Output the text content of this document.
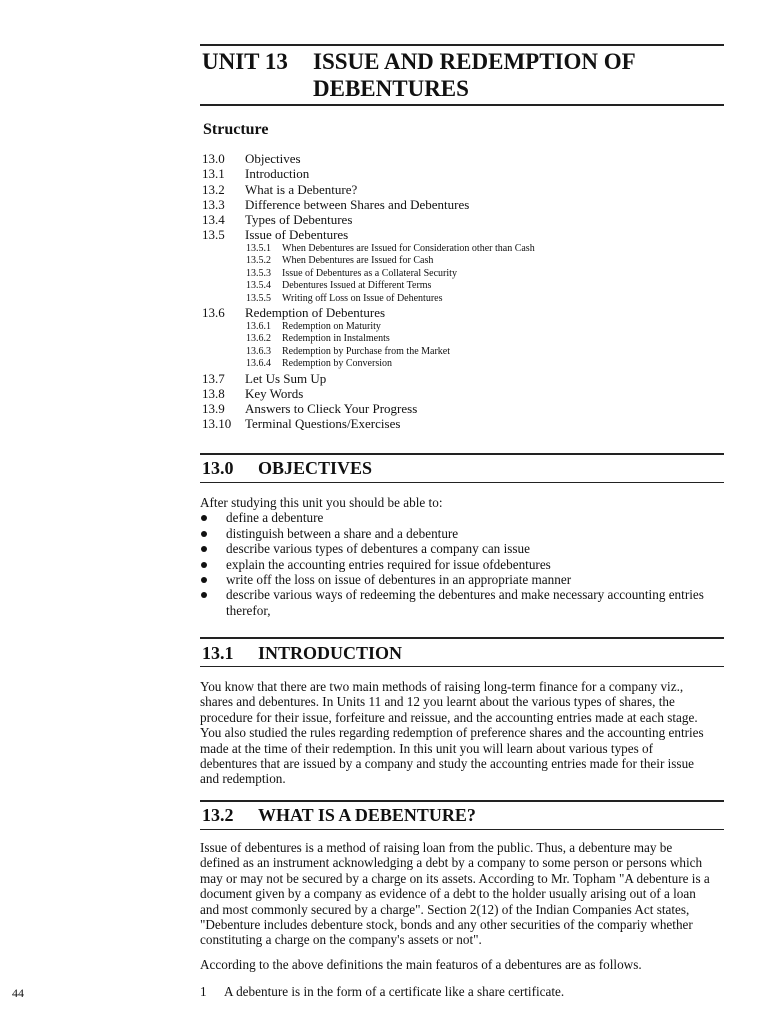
UNIT 13 ISSUE AND REDEMPTION OF
DEBENTURES
Structure
13.0	Objectives
13.1	Introduction
13.2	What is a Debenture?
13.3	Difference between Shares and Debentures
13.4	Types of Debentures
13.5	Issue of Debentures
13.5.1	When Debentures are Issued for Consideration other than Cash
13.5.2	When Debentures are Issued for Cash
13.5.3	Issue of Debentures as a Collateral Security
13.5.4	Debentures Issued at Different Terms
13.5.5	Writing off Loss on Issue of Dehentures
13.6	Redemption of Debentures
13.6.1	Redemption on Maturity
13.6.2	Redemption in Instalments
13.6.3	Redemption by Purchase from the Market
13.6.4	Redemption by Conversion
13.7	Let Us Sum Up
13.8	Key Words
13.9	Answers to Clieck Your Progress
13.10	Terminal Questions/Exercises
13.0 OBJECTIVES

After studying this unit you should be able to:

define a debenture
distinguish between a share and a debenture
describe various types of debentures a company can issue
explain the accounting entries required for issue ofdebentures
write off the loss on issue of debentures in an appropriate manner
describe various ways of redeeming the debentures and make necessary accounting entries therefor,
13.1 INTRODUCTION

You know that there are two main methods of raising long-term finance for a company viz., shares and debentures. In Units 11 and 12 you learnt about the various types of shares, the procedure for their issue, forfeiture and reissue, and the accounting entries made at each stage. You also studied the rules regarding redemption of preference shares and the accounting entries made at the time of their redemption. In this unit you will learn about various types of debentures that are issued by a company and study the accounting entries made for their issue and redemption.

13.2 WHAT IS A DEBENTURE?

Issue of debentures is a method of raising loan from the public. Thus, a debenture may be defined as an instrument acknowledging a debt by a company to some person or persons which may or may not be secured by a charge on its assets. According to Mr. Topham "A debenture is a document given by a company as evidence of a debt to the holder usually arising out of a loan and most commonly secured by a charge". Section 2(12) of the Indian Companies Act states, "Debenture includes debenture stock, bonds and any other securities of the compariy whether constituting a charge on the company's assets or not".

According to the above definitions the main featuros of a debentures are as follows.

1 A debenture is in the form of a certificate like a share certificate.
44
